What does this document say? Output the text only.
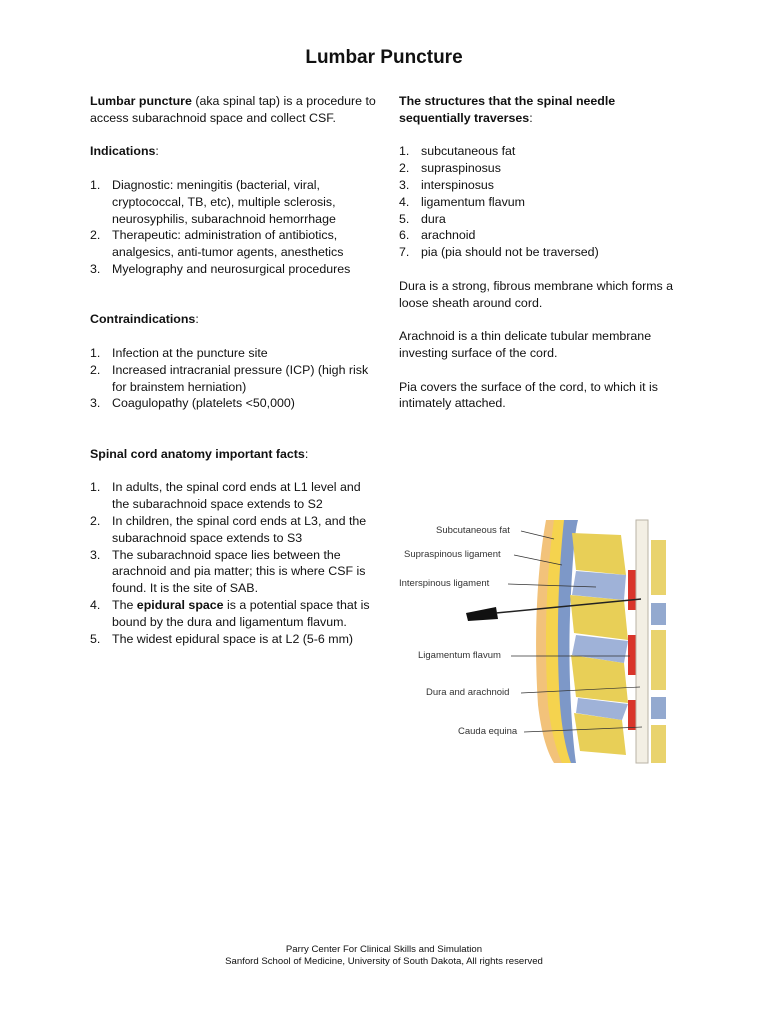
Lumbar Puncture

Lumbar puncture (aka spinal tap) is a procedure to access subarachnoid space and collect CSF.

Indications:

1. Diagnostic: meningitis (bacterial, viral, cryptococcal, TB, etc), multiple sclerosis, neurosyphilis, subarachnoid hemorrhage
2. Therapeutic: administration of antibiotics, analgesics, anti-tumor agents, anesthetics
3. Myelography and neurosurgical procedures

Contraindications:

1. Infection at the puncture site
2. Increased intracranial pressure (ICP) (high risk for brainstem herniation)
3. Coagulopathy (platelets <50,000)

Spinal cord anatomy important facts:

1. In adults, the spinal cord ends at L1 level and the subarachnoid space extends to S2
2. In children, the spinal cord ends at L3, and the subarachnoid space extends to S3
3. The subarachnoid space lies between the arachnoid and pia matter; this is where CSF is found. It is the site of SAB.
4. The epidural space is a potential space that is bound by the dura and ligamentum flavum.
5. The widest epidural space is at L2 (5-6 mm)

The structures that the spinal needle sequentially traverses:

1. subcutaneous fat
2. supraspinosus
3. interspinosus
4. ligamentum flavum
5. dura
6. arachnoid
7. pia (pia should not be traversed)

Dura is a strong, fibrous membrane which forms a loose sheath around cord.

Arachnoid is a thin delicate tubular membrane investing surface of the cord.

Pia covers the surface of the cord, to which it is intimately attached.

Subcutaneous fat
Supraspinous ligament
Interspinous ligament
Ligamentum flavum
Dura and arachnoid
Cauda equina
Parry Center For Clinical Skills and Simulation
Sanford School of Medicine, University of South Dakota, All rights reserved
